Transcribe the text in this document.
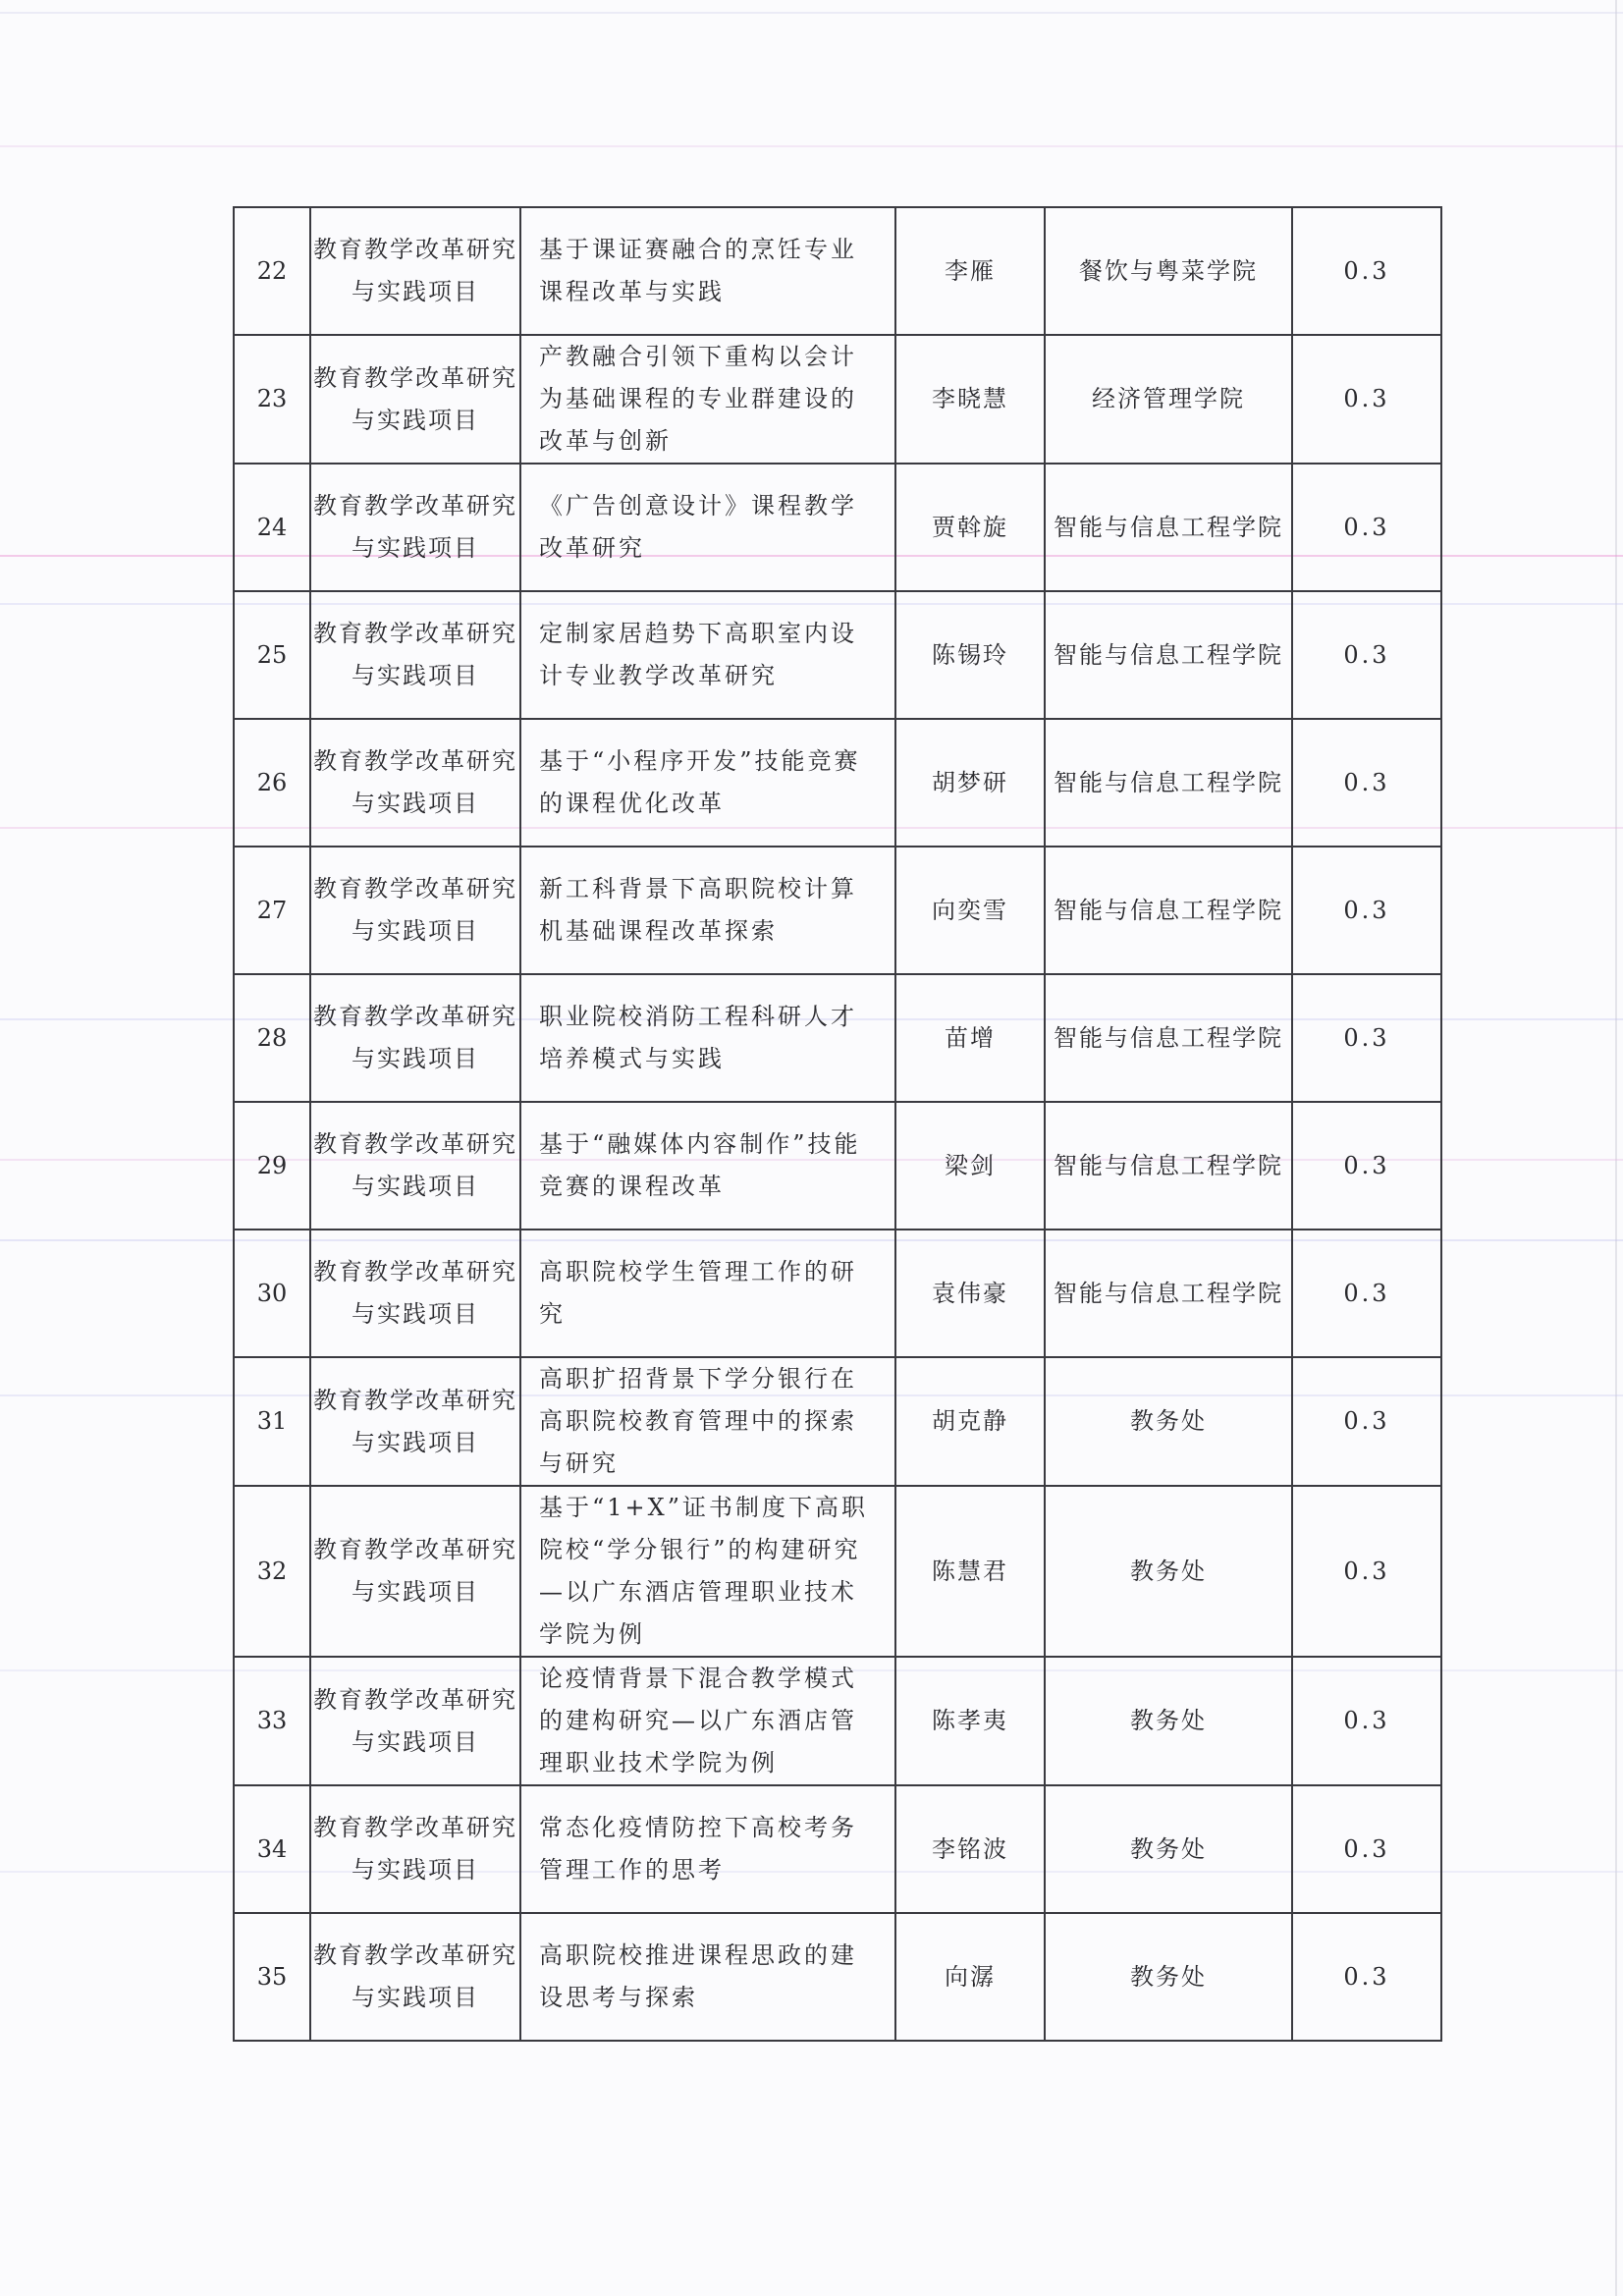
22	教育教学改革研究与实践项目	基于课证赛融合的烹饪专业课程改革与实践	李雁	餐饮与粤菜学院	0.3
23	教育教学改革研究与实践项目	产教融合引领下重构以会计为基础课程的专业群建设的改革与创新	李晓慧	经济管理学院	0.3
24	教育教学改革研究与实践项目	《广告创意设计》课程教学改革研究	贾斡旋	智能与信息工程学院	0.3
25	教育教学改革研究与实践项目	定制家居趋势下高职室内设计专业教学改革研究	陈锡玲	智能与信息工程学院	0.3
26	教育教学改革研究与实践项目	基于“小程序开发”技能竞赛的课程优化改革	胡梦研	智能与信息工程学院	0.3
27	教育教学改革研究与实践项目	新工科背景下高职院校计算机基础课程改革探索	向奕雪	智能与信息工程学院	0.3
28	教育教学改革研究与实践项目	职业院校消防工程科研人才培养模式与实践	苗增	智能与信息工程学院	0.3
29	教育教学改革研究与实践项目	基于“融媒体内容制作”技能竞赛的课程改革	梁剑	智能与信息工程学院	0.3
30	教育教学改革研究与实践项目	高职院校学生管理工作的研究	袁伟豪	智能与信息工程学院	0.3
31	教育教学改革研究与实践项目	高职扩招背景下学分银行在高职院校教育管理中的探索与研究	胡克静	教务处	0.3
32	教育教学改革研究与实践项目	基于“1+X”证书制度下高职院校“学分银行”的构建研究—以广东酒店管理职业技术学院为例	陈慧君	教务处	0.3
33	教育教学改革研究与实践项目	论疫情背景下混合教学模式的建构研究—以广东酒店管理职业技术学院为例	陈孝夷	教务处	0.3
34	教育教学改革研究与实践项目	常态化疫情防控下高校考务管理工作的思考	李铭波	教务处	0.3
35	教育教学改革研究与实践项目	高职院校推进课程思政的建设思考与探索	向潺	教务处	0.3
